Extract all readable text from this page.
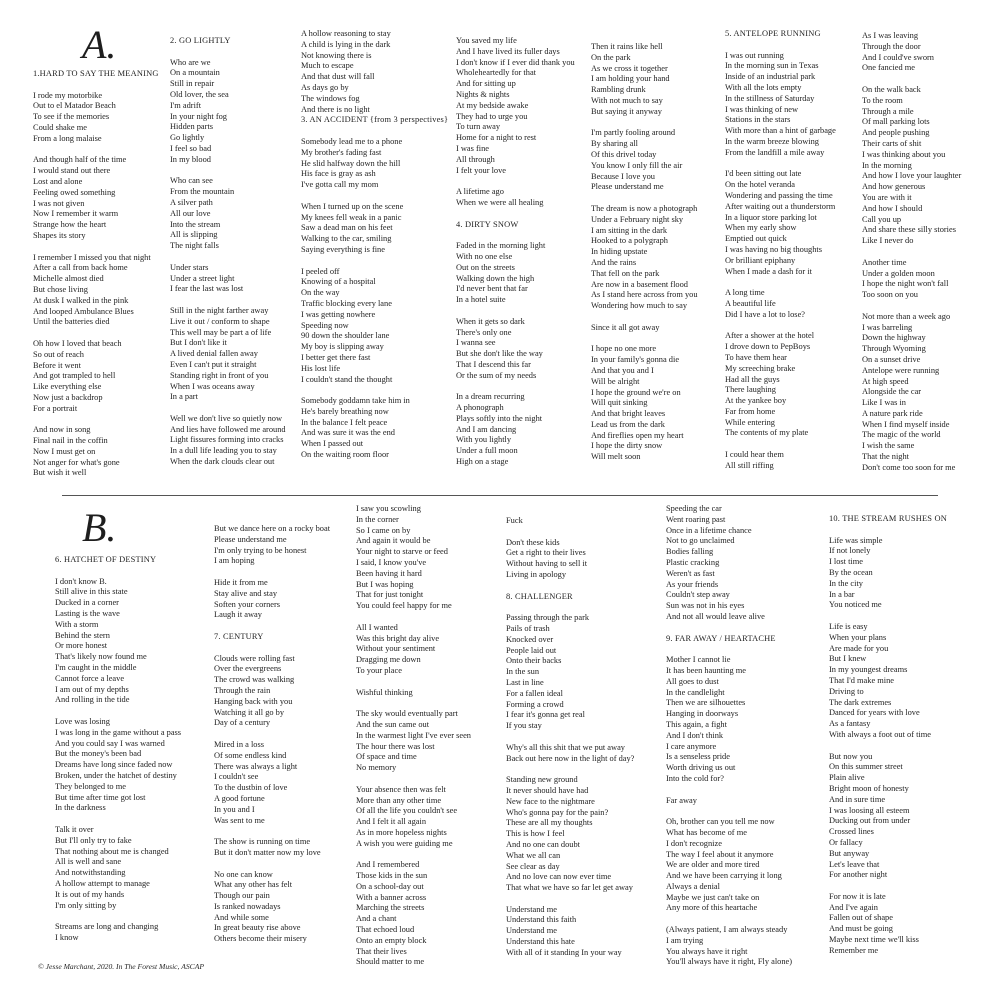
A.
B.
1.HARD TO SAY THE MEANING
I rode my motorbike
Out to el Matador Beach
To see if the memories
Could shake me
From a long malaise
And though half of the time
I would stand out there
Lost and alone
Feeling owed something
I was not given
Now I remember it warm
Strange how the heart
Shapes its story
I remember I missed you that night
After a call from back home
Michelle almost died
But chose living
At dusk I walked in the pink
And looped Ambulance Blues
Until the batteries died
Oh how I loved that beach
So out of reach
Before it went
And got trampled to hell
Like everything else
Now just a backdrop
For a portrait
And now in song
Final nail in the coffin
Now I must get on
Not anger for what's gone
But wish it well
2. GO LIGHTLY
Who are we
On a mountain
Still in repair
Old lover, the sea
I'm adrift
In your night fog
Hidden parts
Go lightly
I feel so bad
In my blood
Who can see
From the mountain
A silver path
All our love
Into the stream
All is slipping
The night falls
Under stars
Under a street light
I fear the last was lost
Still in the night farther away
Live it out / conform to shape
This well may be part a of life
But I don't like it
A lived denial fallen away
Even I can't put it straight
Standing right in front of you
When I was oceans away
In a part
Well we don't live so quietly now
And lies have followed me around
Light fissures forming into cracks
In a dull life leading you to stay
When the dark clouds clear out
A hollow reasoning to stay
A child is lying in the dark
Not knowing there is
Much to escape
And that dust will fall
As days go by
The windows fog
And there is no light
3. AN ACCIDENT {from 3 perspectives}
Somebody lead me to a phone
My brother's fading fast
He slid halfway down the hill
His face is gray as ash
I've gotta call my mom
When I turned up on the scene
My knees fell weak in a panic
Saw a dead man on his feet
Walking to the car, smiling
Saying everything is fine
I peeled off
Knowing of a hospital
On the way
Traffic blocking every lane
I was getting nowhere
Speeding now
90 down the shoulder lane
My boy is slipping away
I better get there fast
His lost life
I couldn't stand the thought
Somebody goddamn take him in
He's barely breathing now
In the balance I felt peace
And was sure it was the end
When I passed out
On the waiting room floor
You saved my life
And I have lived its fuller days
I don't know if I ever did thank you
Wholeheartedly for that
And for sitting up
Nights & nights
At my bedside awake
They had to urge you
To turn away
Home for a night to rest
I was fine
All through
I felt your love
A lifetime ago
When we were all healing
4. DIRTY SNOW
Faded in the morning light
With no one else
Out on the streets
Walking down the high
I'd never bent that far
In a hotel suite
When it gets so dark
There's only one
I wanna see
But she don't like the way
That I descend this far
Or the sum of my needs
In a dream recurring
A phonograph
Plays softly into the night
And I am dancing
With you lightly
Under a full moon
High on a stage
Then it rains like hell
On the park
As we cross it together
I am holding your hand
Rambling drunk
With not much to say
But saying it anyway
I'm partly fooling around
By sharing all
Of this drivel today
You know I only fill the air
Because I love you
Please understand me
The dream is now a photograph
Under a February night sky
I am sitting in the dark
Hooked to a polygraph
In hiding upstate
And the rains
That fell on the park
Are now in a basement flood
As I stand here across from you
Wondering how much to say
Since it all got away
I hope no one more
In your family's gonna die
And that you and I
Will be alright
I hope the ground we're on
Will quit sinking
And that bright leaves
Lead us from the dark
And fireflies open my heart
I hope the dirty snow
Will melt soon
5. ANTELOPE RUNNING
I was out running
In the morning sun in Texas
Inside of an industrial park
With all the lots empty
In the stillness of Saturday
I was thinking of new
Stations in the stars
With more than a hint of garbage
In the warm breeze blowing
From the landfill a mile away
I'd been sitting out late
On the hotel veranda
Wondering and passing the time
After waiting out a thunderstorm
In a liquor store parking lot
When my early show
Emptied out quick
I was having no big thoughts
Or brilliant epiphany
When I made a dash for it
A long time
A beautiful life
Did I have a lot to lose?
After a shower at the hotel
I drove down to PepBoys
To have them hear
My screeching brake
Had all the guys
There laughing
At the yankee boy
Far from home
While entering
The contents of my plate
I could hear them
All still riffing
As I was leaving
Through the door
And I could've sworn
One fancied me
On the walk back
To the room
Through a mile
Of mall parking lots
And people pushing
Their carts of shit
I was thinking about you
In the morning
And how I love your laughter
And how generous
You are with it
And how I should
Call you up
And share these silly stories
Like I never do
Another time
Under a golden moon
I hope the night won't fall
Too soon on you
Not more than a week ago
I was barreling
Down the highway
Through Wyoming
On a sunset drive
Antelope were running
At high speed
Alongside the car
Like I was in
A nature park ride
When I find myself inside
The magic of the world
I wish the same
That the night
Don't come too soon for me
6. HATCHET OF DESTINY
I don't know B.
Still alive in this state
Ducked in a corner
Lasting is the wave
With a storm
Behind the stern
Or more honest
That's likely now found me
I'm caught in the middle
Cannot force a leave
I am out of my depths
And rolling in the tide
Love was losing
I was long in the game without a pass
And you could say I was warned
But the money's been bad
Dreams have long since faded now
Broken, under the hatchet of destiny
They belonged to me
But time after time got lost
In the darkness
Talk it over
But I'll only try to fake
That nothing about me is changed
All is well and sane
And notwithstanding
A hollow attempt to manage
It is out of my hands
I'm only sitting by
Streams are long and changing
I know
But we dance here on a rocky boat
Please understand me
I'm only trying to be honest
I am hoping
Hide it from me
Stay alive and stay
Soften your corners
Laugh it away
7. CENTURY
Clouds were rolling fast
Over the evergreens
The crowd was walking
Through the rain
Hanging back with you
Watching it all go by
Day of a century
Mired in a loss
Of some endless kind
There was always a light
I couldn't see
To the dustbin of love
A good fortune
In you and I
Was sent to me
The show is running on time
But it don't matter now my love
No one can know
What any other has felt
Though our pain
Is ranked nowadays
And while some
In great beauty rise above
Others become their misery
I saw you scowling
In the corner
So I came on by
And again it would be
Your night to starve or feed
I said, I know you've
Been having it hard
But I was hoping
That for just tonight
You could feel happy for me
All I wanted
Was this bright day alive
Without your sentiment
Dragging me down
To your place
Wishful thinking
The sky would eventually part
And the sun came out
In the warmest light I've ever seen
The hour there was lost
Of space and time
No memory
Your absence then was felt
More than any other time
Of all the life you couldn't see
And I felt it all again
As in more hopeless nights
A wish you were guiding me
And I remembered
Those kids in the sun
On a school-day out
With a banner across
Marching the streets
And a chant
That echoed loud
Onto an empty block
That their lives
Should matter to me
Fuck
Don't these kids
Get a right to their lives
Without having to sell it
Living in apology
8. CHALLENGER
Passing through the park
Pails of trash
Knocked over
People laid out
Onto their backs
In the sun
Last in line
For a fallen ideal
Forming a crowd
I fear it's gonna get real
If you stay
Why's all this shit that we put away
Back out here now in the light of day?
Standing new ground
It never should have had
New face to the nightmare
Who's gonna pay for the pain?
These are all my thoughts
This is how I feel
And no one can doubt
What we all can
See clear as day
And no love can now ever time
That what we have so far let get away
Understand me
Understand this faith
Understand me
Understand this hate
With all of it standing In your way
Speeding the car
Went roaring past
Once in a lifetime chance
Not to go unclaimed
Bodies falling
Plastic cracking
Weren't as fast
As your friends
Couldn't step away
Sun was not in his eyes
And not all would leave alive
9. FAR AWAY / HEARTACHE
Mother I cannot lie
It has been haunting me
All goes to dust
In the candlelight
Then we are silhouettes
Hanging in doorways
This again, a fight
And I don't think
I care anymore
Is a senseless pride
Worth driving us out
Into the cold for?
Far away
Oh, brother can you tell me now
What has become of me
I don't recognize
The way I feel about it anymore
We are older and more tired
And we have been carrying it long
Always a denial
Maybe we just can't take on
Any more of this heartache
(Always patient, I am always steady
I am trying
You always have it right
You'll always have it right, Fly alone)
10. THE STREAM RUSHES ON
Life was simple
If not lonely
I lost time
By the ocean
In the city
In a bar
You noticed me
Life is easy
When your plans
Are made for you
But I knew
In my youngest dreams
That I'd make mine
Driving to
The dark extremes
Danced for years with love
As a fantasy
With always a foot out of time
But now you
On this summer street
Plain alive
Bright moon of honesty
And in sure time
I was loosing all esteem
Ducking out from under
Crossed lines
Or fallacy
But anyway
Let's leave that
For another night
For now it is late
And I've again
Fallen out of shape
And must be going
Maybe next time we'll kiss
Remember me
© Jesse Marchant, 2020. In The Forest Music, ASCAP
